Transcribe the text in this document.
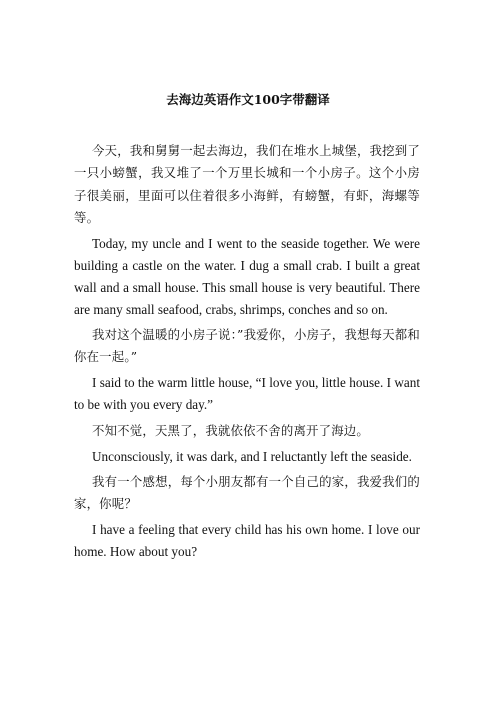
去海边英语作文100字带翻译

今天，我和舅舅一起去海边，我们在堆水上城堡，我挖到了一只小螃蟹，我又堆了一个万里长城和一个小房子。这个小房子很美丽，里面可以住着很多小海鲜，有螃蟹，有虾，海螺等等。

Today, my uncle and I went to the seaside together. We were building a castle on the water. I dug a small crab. I built a great wall and a small house. This small house is very beautiful. There are many small seafood, crabs, shrimps, conches and so on.

我对这个温暖的小房子说：”我爱你，小房子，我想每天都和你在一起。”

I said to the warm little house, “I love you, little house. I want to be with you every day.”

不知不觉，天黑了，我就依依不舍的离开了海边。

Unconsciously, it was dark, and I reluctantly left the seaside.

我有一个感想，每个小朋友都有一个自己的家，我爱我们的家，你呢？

I have a feeling that every child has his own home. I love our home. How about you?
